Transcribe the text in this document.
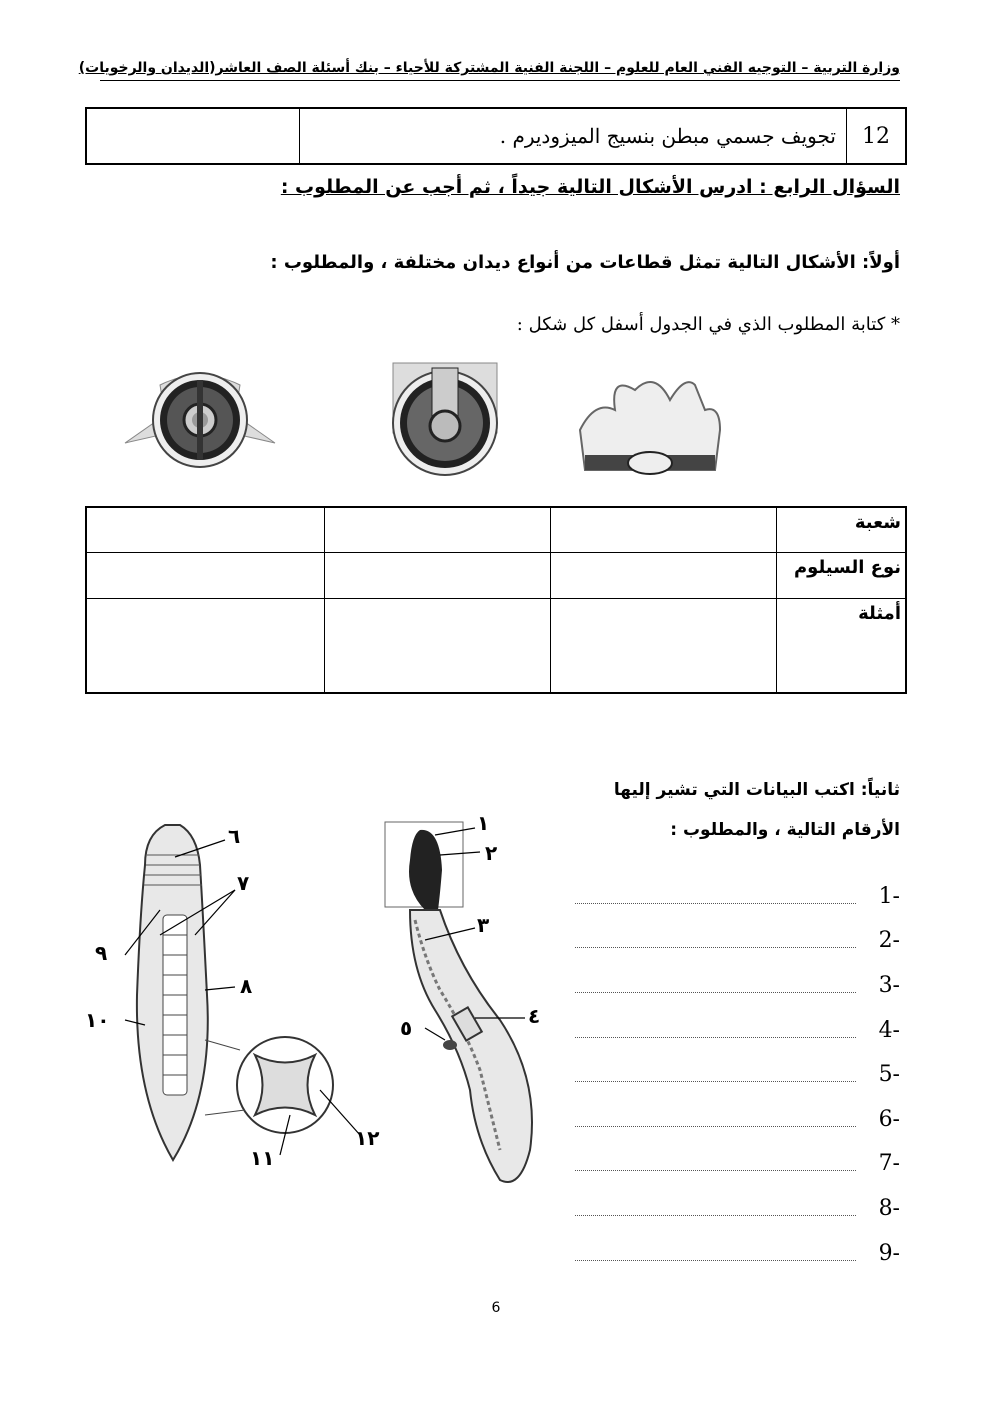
وزارة التربية – التوجيه الفني العام للعلوم – اللجنة الفنية المشتركة للأحياء – بنك أسئلة الصف العاشر(الديدان والرخويات)
	تجويف جسمي مبطن بنسيج الميزوديرم .	12
السؤال الرابع : ادرس الأشكال التالية جيداً ، ثم أجب عن المطلوب :
أولاً: الأشكال التالية تمثل قطاعات من أنواع ديدان مختلفة ، والمطلوب :
* كتابة المطلوب الذي في الجدول أسفل كل شكل :
شعبة			
نوع السيلوم			
أمثلة			
ثانياً: اكتب البيانات التي تشير إليها
الأرقام التالية ، والمطلوب :
٦
٧
٩
٨
١٠
١١
١٢
١
٢
٣
٤
٥
1-
2-
3-
4-
5-
6-
7-
8-
9-
6
